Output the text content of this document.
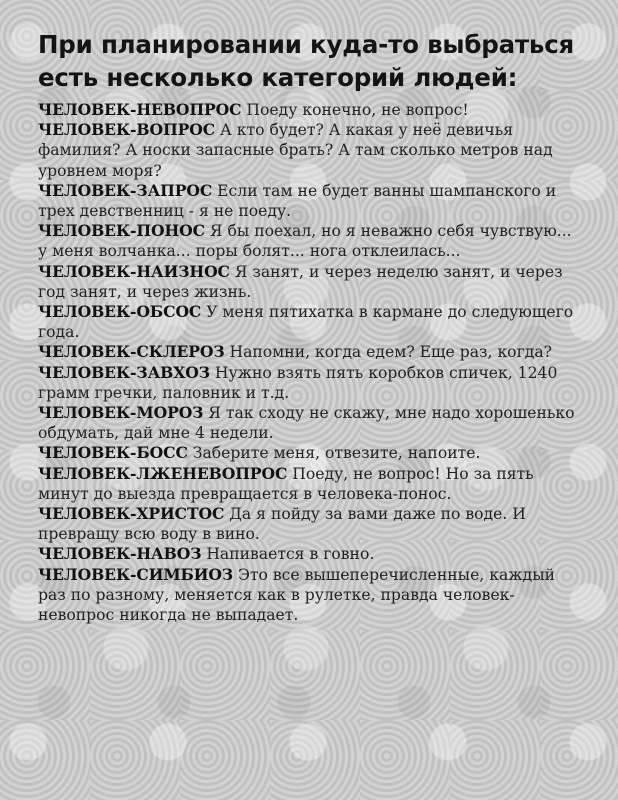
При планировании куда-то выбраться
есть несколько категорий людей:

ЧЕЛОВЕК-НЕВОПРОС Поеду конечно, не вопрос!

ЧЕЛОВЕК-ВОПРОС А кто будет? А какая у неё девичья фамилия? А носки запасные брать? А там сколько метров над уровнем моря?

ЧЕЛОВЕК-ЗАПРОС Если там не будет ванны шампанского и трех девственниц - я не поеду.

ЧЕЛОВЕК-ПОНОС Я бы поехал, но я неважно себя чувствую... у меня волчанка... поры болят... нога отклеилась...

ЧЕЛОВЕК-НАИЗНОС Я занят, и через неделю занят, и через год занят, и через жизнь.

ЧЕЛОВЕК-ОБСОС У меня пятихатка в кармане до следующего года.

ЧЕЛОВЕК-СКЛЕРОЗ Напомни, когда едем? Еще раз, когда?

ЧЕЛОВЕК-ЗАВХОЗ Нужно взять пять коробков спичек, 1240 грамм гречки, паловник и т.д.

ЧЕЛОВЕК-МОРОЗ Я так сходу не скажу, мне надо хорошенько обдумать, дай мне 4 недели.

ЧЕЛОВЕК-БОСС Заберите меня, отвезите, напоите.

ЧЕЛОВЕК-ЛЖЕНЕВОПРОС Поеду, не вопрос! Но за пять минут до выезда превращается в человека-понос.

ЧЕЛОВЕК-ХРИСТОС Да я пойду за вами даже по воде. И превращу всю воду в вино.

ЧЕЛОВЕК-НАВОЗ Напивается в говно.

ЧЕЛОВЕК-СИМБИОЗ Это все вышеперечисленные, каждый раз по разному, меняется как в рулетке, правда человек-невопрос никогда не выпадает.
